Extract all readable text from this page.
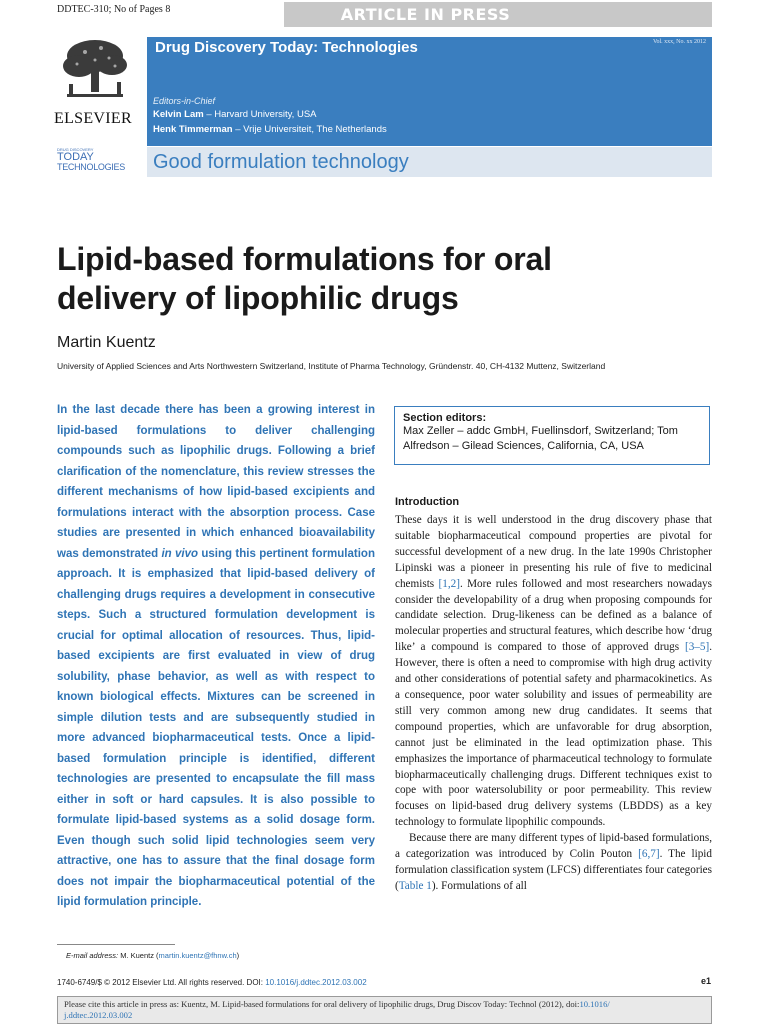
DDTEC-310; No of Pages 8	ARTICLE IN PRESS
ELSEVIER
DRUG DISCOVERY
TODAY
TECHNOLOGIES
Drug Discovery Today: Technologies	Vol. xxx, No. xx 2012
Editors-in-Chief
Kelvin Lam – Harvard University, USA
Henk Timmerman – Vrije Universiteit, The Netherlands
Good formulation technology
Lipid-based formulations for oral
delivery of lipophilic drugs
Martin Kuentz
University of Applied Sciences and Arts Northwestern Switzerland, Institute of Pharma Technology, Gründenstr. 40, CH-4132 Muttenz, Switzerland
In the last decade there has been a growing interest in lipid-based formulations to deliver challenging compounds such as lipophilic drugs. Following a brief clarification of the nomenclature, this review stresses the different mechanisms of how lipid-based excipients and formulations interact with the absorption process. Case studies are presented in which enhanced bioavailability was demonstrated in vivo using this pertinent formulation approach. It is emphasized that lipid-based delivery of challenging drugs requires a development in consecutive steps. Such a structured formulation development is crucial for optimal allocation of resources. Thus, lipid-based excipients are first evaluated in view of drug solubility, phase behavior, as well as with respect to known biological effects. Mixtures can be screened in simple dilution tests and are subsequently studied in more advanced biopharmaceutical tests. Once a lipid-based formulation principle is identified, different technologies are presented to encapsulate the fill mass either in soft or hard capsules. It is also possible to formulate lipid-based systems as a solid dosage form. Even though such solid lipid technologies seem very attractive, one has to assure that the final dosage form does not impair the biopharmaceutical potential of the lipid formulation principle.
Section editors:
Max Zeller – addc GmbH, Fuellinsdorf, Switzerland; Tom Alfredson – Gilead Sciences, California, CA, USA
Introduction

These days it is well understood in the drug discovery phase that suitable biopharmaceutical compound properties are pivotal for successful development of a new drug. In the late 1990s Christopher Lipinski was a pioneer in presenting his rule of five to medicinal chemists [1,2]. More rules followed and most researchers nowadays consider the developability of a drug when proposing compounds for candidate selection. Drug-likeness can be defined as a balance of molecular properties and structural features, which describe how ‘drug like’ a compound is compared to those of approved drugs [3–5]. However, there is often a need to compromise with high drug activity and other considerations of potential safety and pharmacokinetics. As a consequence, poor water solubility and issues of permeability are still very common among new drug candidates. It seems that compound properties, which are unfavorable for drug absorption, cannot just be eliminated in the lead optimization phase. This emphasizes the importance of pharmaceutical technology to formulate biopharmaceutically challenging drugs. Different techniques exist to cope with poor watersolubility or poor permeability. This review focuses on lipid-based drug delivery systems (LBDDS) as a key technology to formulate lipophilic compounds.

Because there are many different types of lipid-based formulations, a categorization was introduced by Colin Pouton [6,7]. The lipid formulation classification system (LFCS) differentiates four categories (Table 1). Formulations of all

E-mail address: M. Kuentz (martin.kuentz@fhnw.ch)
1740-6749/$ © 2012 Elsevier Ltd. All rights reserved. DOI: 10.1016/j.ddtec.2012.03.002	e1
Please cite this article in press as: Kuentz, M. Lipid-based formulations for oral delivery of lipophilic drugs, Drug Discov Today: Technol (2012), doi:10.1016/
j.ddtec.2012.03.002
